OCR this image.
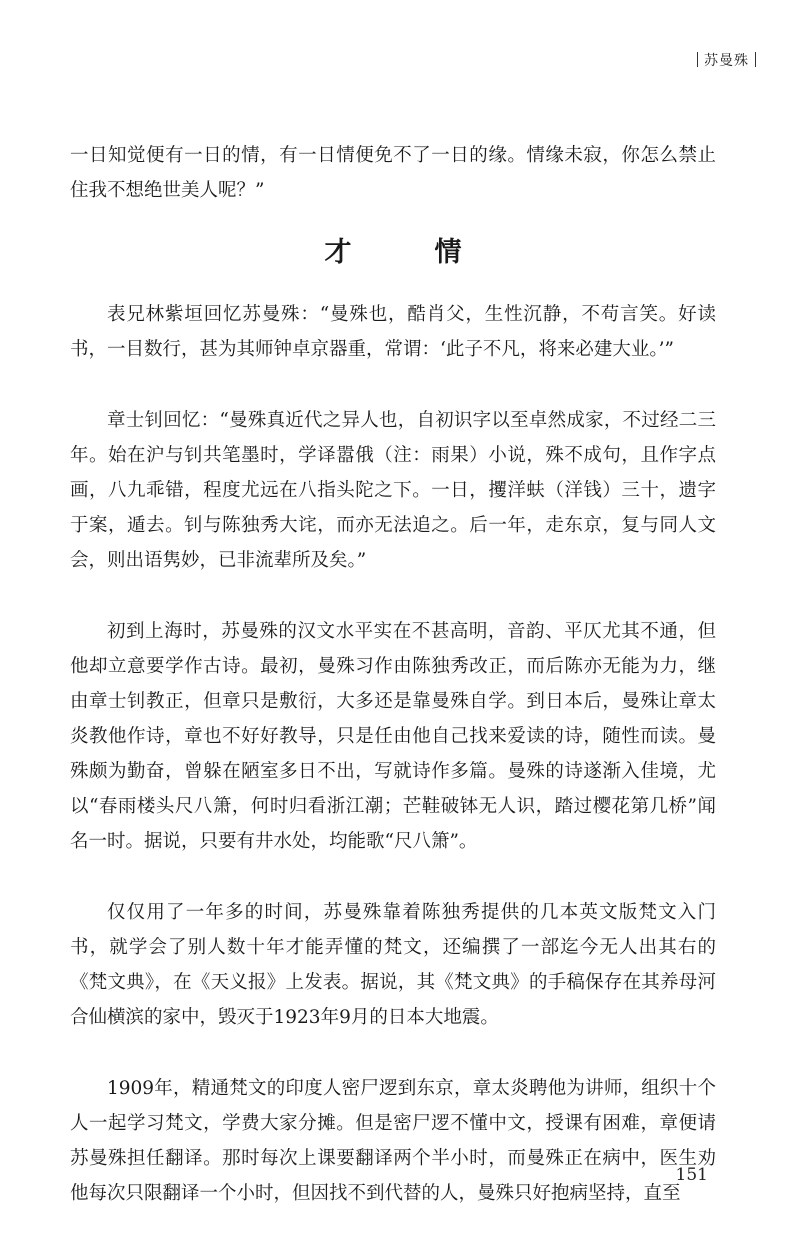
苏曼殊

一日知觉便有一日的情，有一日情便免不了一日的缘。情缘未寂，你怎么禁止住我不想绝世美人呢？”

才　情

表兄林紫垣回忆苏曼殊：“曼殊也，酷肖父，生性沉静，不苟言笑。好读书，一目数行，甚为其师钟卓京器重，常谓：‘此子不凡，将来必建大业。’”

章士钊回忆：“曼殊真近代之异人也，自初识字以至卓然成家，不过经二三年。始在沪与钊共笔墨时，学译嚣俄（注：雨果）小说，殊不成句，且作字点画，八九乖错，程度尤远在八指头陀之下。一日，攫洋蚨（洋钱）三十，遗字于案，遁去。钊与陈独秀大诧，而亦无法追之。后一年，走东京，复与同人文会，则出语隽妙，已非流辈所及矣。”

初到上海时，苏曼殊的汉文水平实在不甚高明，音韵、平仄尤其不通，但他却立意要学作古诗。最初，曼殊习作由陈独秀改正，而后陈亦无能为力，继由章士钊教正，但章只是敷衍，大多还是靠曼殊自学。到日本后，曼殊让章太炎教他作诗，章也不好好教导，只是任由他自己找来爱读的诗，随性而读。曼殊颇为勤奋，曾躲在陋室多日不出，写就诗作多篇。曼殊的诗遂渐入佳境，尤以“春雨楼头尺八箫，何时归看浙江潮；芒鞋破钵无人识，踏过樱花第几桥”闻名一时。据说，只要有井水处，均能歌“尺八箫”。

仅仅用了一年多的时间，苏曼殊靠着陈独秀提供的几本英文版梵文入门书，就学会了别人数十年才能弄懂的梵文，还编撰了一部迄今无人出其右的《梵文典》，在《天义报》上发表。据说，其《梵文典》的手稿保存在其养母河合仙横滨的家中，毁灭于1923年9月的日本大地震。

1909年，精通梵文的印度人密尸逻到东京，章太炎聘他为讲师，组织十个人一起学习梵文，学费大家分摊。但是密尸逻不懂中文，授课有困难，章便请苏曼殊担任翻译。那时每次上课要翻译两个半小时，而曼殊正在病中，医生劝他每次只限翻译一个小时，但因找不到代替的人，曼殊只好抱病坚持，直至

151
